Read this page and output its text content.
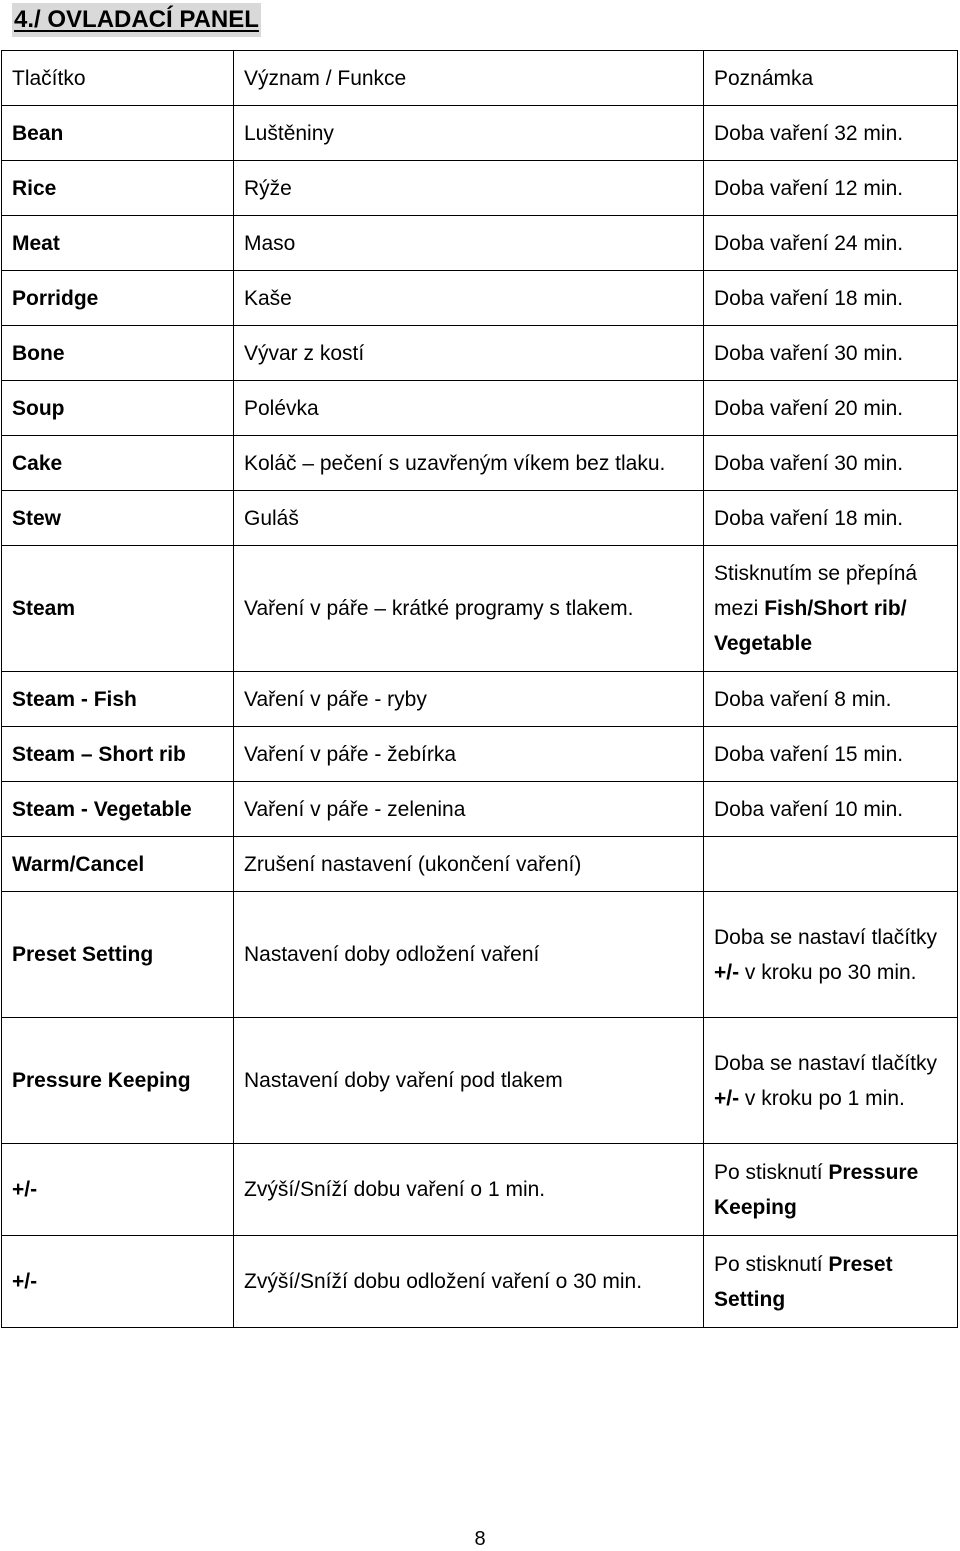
4./ OVLADACÍ PANEL
Tlačítko	Význam / Funkce	Poznámka
Bean	Luštěniny	Doba vaření 32 min.
Rice	Rýže	Doba vaření 12 min.
Meat	Maso	Doba vaření 24 min.
Porridge	Kaše	Doba vaření 18 min.
Bone	Vývar z kostí	Doba vaření 30 min.
Soup	Polévka	Doba vaření 20 min.
Cake	Koláč – pečení s uzavřeným víkem bez tlaku.	Doba vaření 30 min.
Stew	Guláš	Doba vaření 18 min.
Steam	Vaření v páře – krátké programy s tlakem.	Stisknutím se přepíná mezi Fish/Short rib/ Vegetable
Steam - Fish	Vaření v páře - ryby	Doba vaření 8 min.
Steam – Short rib	Vaření v páře - žebírka	Doba vaření 15 min.
Steam - Vegetable	Vaření v páře - zelenina	Doba vaření 10 min.
Warm/Cancel	Zrušení nastavení (ukončení vaření)	
Preset Setting	Nastavení doby odložení vaření	Doba se nastaví tlačítky +/- v kroku po 30 min.
Pressure Keeping	Nastavení doby vaření pod tlakem	Doba se nastaví tlačítky +/- v kroku po 1 min.
+/-	Zvýší/Sníží dobu vaření o 1 min.	Po stisknutí Pressure Keeping
+/-	Zvýší/Sníží dobu odložení vaření o 30 min.	Po stisknutí Preset Setting
8
